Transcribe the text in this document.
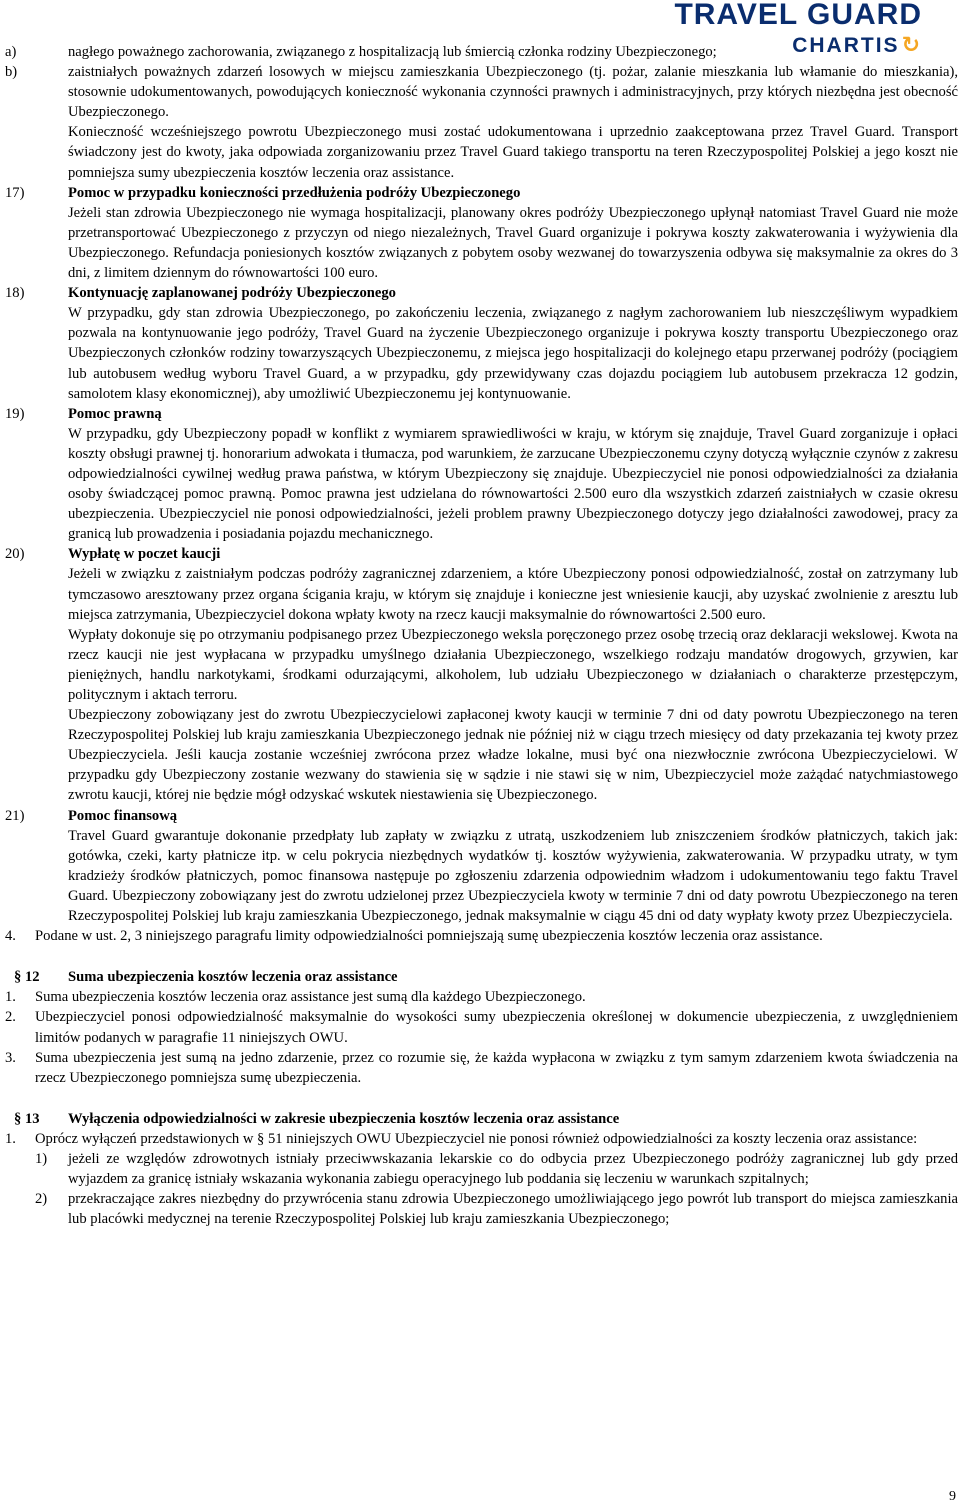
TRAVEL GUARD
CHARTIS↻
a)	nagłego poważnego zachorowania, związanego z hospitalizacją lub śmiercią członka rodziny Ubezpieczonego;
b)	zaistniałych poważnych zdarzeń losowych w miejscu zamieszkania Ubezpieczonego (tj. pożar, zalanie mieszkania lub włamanie do mieszkania), stosownie udokumentowanych, powodujących konieczność wykonania czynności prawnych i administracyjnych, przy których niezbędna jest obecność Ubezpieczonego.
Konieczność wcześniejszego powrotu Ubezpieczonego musi zostać udokumentowana i uprzednio zaakceptowana przez Travel Guard. Transport świadczony jest do kwoty, jaka odpowiada zorganizowaniu przez Travel Guard takiego transportu na teren Rzeczypospolitej Polskiej a jego koszt nie pomniejsza sumy ubezpieczenia kosztów leczenia oraz assistance.
17)	Pomoc w przypadku konieczności przedłużenia podróży Ubezpieczonego
Jeżeli stan zdrowia Ubezpieczonego nie wymaga hospitalizacji, planowany okres podróży Ubezpieczonego upłynął natomiast Travel Guard nie może przetransportować Ubezpieczonego z przyczyn od niego niezależnych, Travel Guard organizuje i pokrywa koszty zakwaterowania i wyżywienia dla Ubezpieczonego. Refundacja poniesionych kosztów związanych z pobytem osoby wezwanej do towarzyszenia odbywa się maksymalnie za okres do 3 dni, z limitem dziennym do równowartości 100 euro.
18)	Kontynuację zaplanowanej podróży Ubezpieczonego
W przypadku, gdy stan zdrowia Ubezpieczonego, po zakończeniu leczenia, związanego z nagłym zachorowaniem lub nieszczęśliwym wypadkiem pozwala na kontynuowanie jego podróży, Travel Guard na życzenie Ubezpieczonego organizuje i pokrywa koszty transportu Ubezpieczonego oraz Ubezpieczonych członków rodziny towarzyszących Ubezpieczonemu, z miejsca jego hospitalizacji do kolejnego etapu przerwanej podróży (pociągiem lub autobusem według wyboru Travel Guard, a w przypadku, gdy przewidywany czas dojazdu pociągiem lub autobusem przekracza 12 godzin, samolotem klasy ekonomicznej), aby umożliwić Ubezpieczonemu jej kontynuowanie.
19)	Pomoc prawną
W przypadku, gdy Ubezpieczony popadł w konflikt z wymiarem sprawiedliwości w kraju, w którym się znajduje, Travel Guard zorganizuje i opłaci koszty obsługi prawnej tj. honorarium adwokata i tłumacza, pod warunkiem, że zarzucane Ubezpieczonemu czyny dotyczą wyłącznie czynów z zakresu odpowiedzialności cywilnej według prawa państwa, w którym Ubezpieczony się znajduje. Ubezpieczyciel nie ponosi odpowiedzialności za działania osoby świadczącej pomoc prawną. Pomoc prawna jest udzielana do równowartości 2.500 euro dla wszystkich zdarzeń zaistniałych w czasie okresu ubezpieczenia. Ubezpieczyciel nie ponosi odpowiedzialności, jeżeli problem prawny Ubezpieczonego dotyczy jego działalności zawodowej, pracy za granicą lub prowadzenia i posiadania pojazdu mechanicznego.
20)	Wypłatę w poczet kaucji
Jeżeli w związku z zaistniałym podczas podróży zagranicznej zdarzeniem, a które Ubezpieczony ponosi odpowiedzialność, został on zatrzymany lub tymczasowo aresztowany przez organa ścigania kraju, w którym się znajduje i konieczne jest wniesienie kaucji, aby uzyskać zwolnienie z aresztu lub miejsca zatrzymania, Ubezpieczyciel dokona wpłaty kwoty na rzecz kaucji maksymalnie do równowartości 2.500 euro.
Wypłaty dokonuje się po otrzymaniu podpisanego przez Ubezpieczonego weksla poręczonego przez osobę trzecią oraz deklaracji wekslowej. Kwota na rzecz kaucji nie jest wypłacana w przypadku umyślnego działania Ubezpieczonego, wszelkiego rodzaju mandatów drogowych, grzywien, kar pieniężnych, handlu narkotykami, środkami odurzającymi, alkoholem, lub udziału Ubezpieczonego w działaniach o charakterze przestępczym, politycznym i aktach terroru.
Ubezpieczony zobowiązany jest do zwrotu Ubezpieczycielowi zapłaconej kwoty kaucji w terminie 7 dni od daty powrotu Ubezpieczonego na teren Rzeczypospolitej Polskiej lub kraju zamieszkania Ubezpieczonego jednak nie później niż w ciągu trzech miesięcy od daty przekazania tej kwoty przez Ubezpieczyciela. Jeśli kaucja zostanie wcześniej zwrócona przez władze lokalne, musi być ona niezwłocznie zwrócona Ubezpieczycielowi. W przypadku gdy Ubezpieczony zostanie wezwany do stawienia się w sądzie i nie stawi się w nim, Ubezpieczyciel może zażądać natychmiastowego zwrotu kaucji, której nie będzie mógł odzyskać wskutek niestawienia się Ubezpieczonego.
21)	Pomoc finansową
Travel Guard gwarantuje dokonanie przedpłaty lub zapłaty w związku z utratą, uszkodzeniem lub zniszczeniem środków płatniczych, takich jak: gotówka, czeki, karty płatnicze itp. w celu pokrycia niezbędnych wydatków tj. kosztów wyżywienia, zakwaterowania. W przypadku utraty, w tym kradzieży środków płatniczych, pomoc finansowa następuje po zgłoszeniu zdarzenia odpowiednim władzom i udokumentowaniu tego faktu Travel Guard. Ubezpieczony zobowiązany jest do zwrotu udzielonej przez Ubezpieczyciela kwoty w terminie 7 dni od daty powrotu Ubezpieczonego na teren Rzeczypospolitej Polskiej lub kraju zamieszkania Ubezpieczonego, jednak maksymalnie w ciągu 45 dni od daty wypłaty kwoty przez Ubezpieczyciela.
4. Podane w ust. 2, 3 niniejszego paragrafu limity odpowiedzialności pomniejszają sumę ubezpieczenia kosztów leczenia oraz assistance.
§ 12 Suma ubezpieczenia kosztów leczenia oraz assistance
1. Suma ubezpieczenia kosztów leczenia oraz assistance jest sumą dla każdego Ubezpieczonego.
2. Ubezpieczyciel ponosi odpowiedzialność maksymalnie do wysokości sumy ubezpieczenia określonej w dokumencie ubezpieczenia, z uwzględnieniem limitów podanych w paragrafie 11 niniejszych OWU.
3. Suma ubezpieczenia jest sumą na jedno zdarzenie, przez co rozumie się, że każda wypłacona w związku z tym samym zdarzeniem kwota świadczenia na rzecz Ubezpieczonego pomniejsza sumę ubezpieczenia.
§ 13 Wyłączenia odpowiedzialności w zakresie ubezpieczenia kosztów leczenia oraz assistance
1. Oprócz wyłączeń przedstawionych w § 51 niniejszych OWU Ubezpieczyciel nie ponosi również odpowiedzialności za koszty leczenia oraz assistance:
1) jeżeli ze względów zdrowotnych istniały przeciwwskazania lekarskie co do odbycia przez Ubezpieczonego podróży zagranicznej lub gdy przed wyjazdem za granicę istniały wskazania wykonania zabiegu operacyjnego lub poddania się leczeniu w warunkach szpitalnych;
2) przekraczające zakres niezbędny do przywrócenia stanu zdrowia Ubezpieczonego umożliwiającego jego powrót lub transport do miejsca zamieszkania lub placówki medycznej na terenie Rzeczypospolitej Polskiej lub kraju zamieszkania Ubezpieczonego;
9
